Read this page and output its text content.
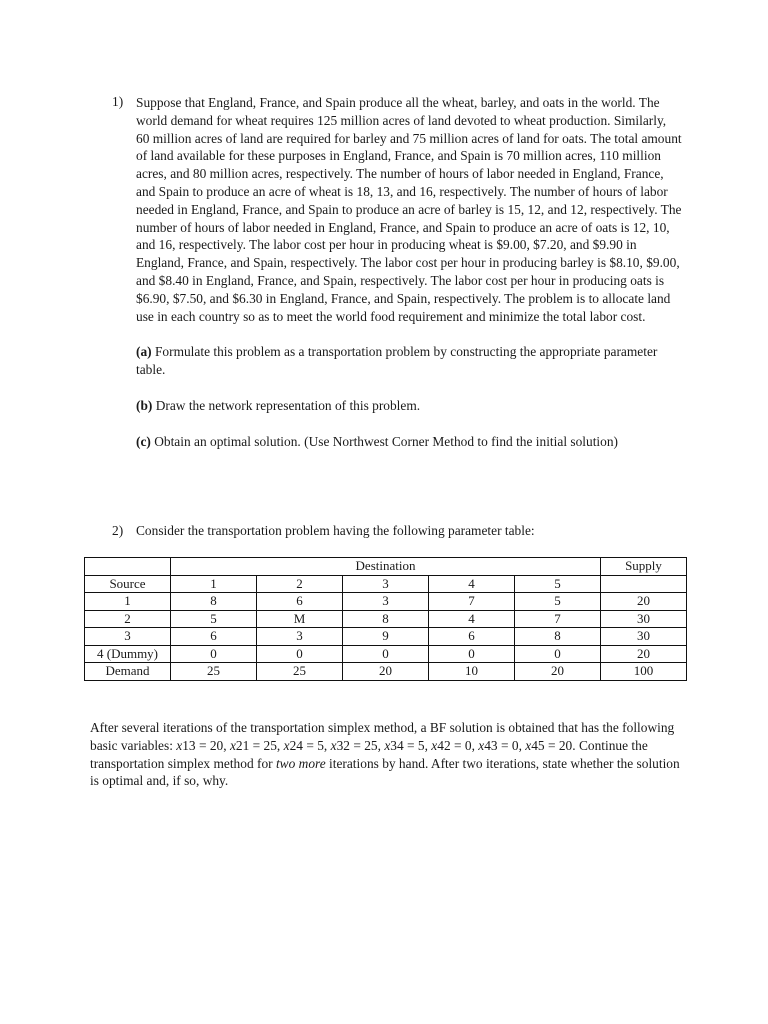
1) Suppose that England, France, and Spain produce all the wheat, barley, and oats in the world. The world demand for wheat requires 125 million acres of land devoted to wheat production. Similarly, 60 million acres of land are required for barley and 75 million acres of land for oats. The total amount of land available for these purposes in England, France, and Spain is 70 million acres, 110 million acres, and 80 million acres, respectively. The number of hours of labor needed in England, France, and Spain to produce an acre of wheat is 18, 13, and 16, respectively. The number of hours of labor needed in England, France, and Spain to produce an acre of barley is 15, 12, and 12, respectively. The number of hours of labor needed in England, France, and Spain to produce an acre of oats is 12, 10, and 16, respectively. The labor cost per hour in producing wheat is $9.00, $7.20, and $9.90 in England, France, and Spain, respectively. The labor cost per hour in producing barley is $8.10, $9.00, and $8.40 in England, France, and Spain, respectively. The labor cost per hour in producing oats is $6.90, $7.50, and $6.30 in England, France, and Spain, respectively. The problem is to allocate land use in each country so as to meet the world food requirement and minimize the total labor cost.

(a) Formulate this problem as a transportation problem by constructing the appropriate parameter table.

(b) Draw the network representation of this problem.

(c) Obtain an optimal solution. (Use Northwest Corner Method to find the initial solution)

2) Consider the transportation problem having the following parameter table:
	Destination					Supply
Source	1	2	3	4	5	
1	8	6	3	7	5	20
2	5	M	8	4	7	30
3	6	3	9	6	8	30
4 (Dummy)	0	0	0	0	0	20
Demand	25	25	20	10	20	100

After several iterations of the transportation simplex method, a BF solution is obtained that has the following basic variables: x13 = 20, x21 = 25, x24 = 5, x32 = 25, x34 = 5, x42 = 0, x43 = 0, x45 = 20. Continue the transportation simplex method for two more iterations by hand. After two iterations, state whether the solution is optimal and, if so, why.
